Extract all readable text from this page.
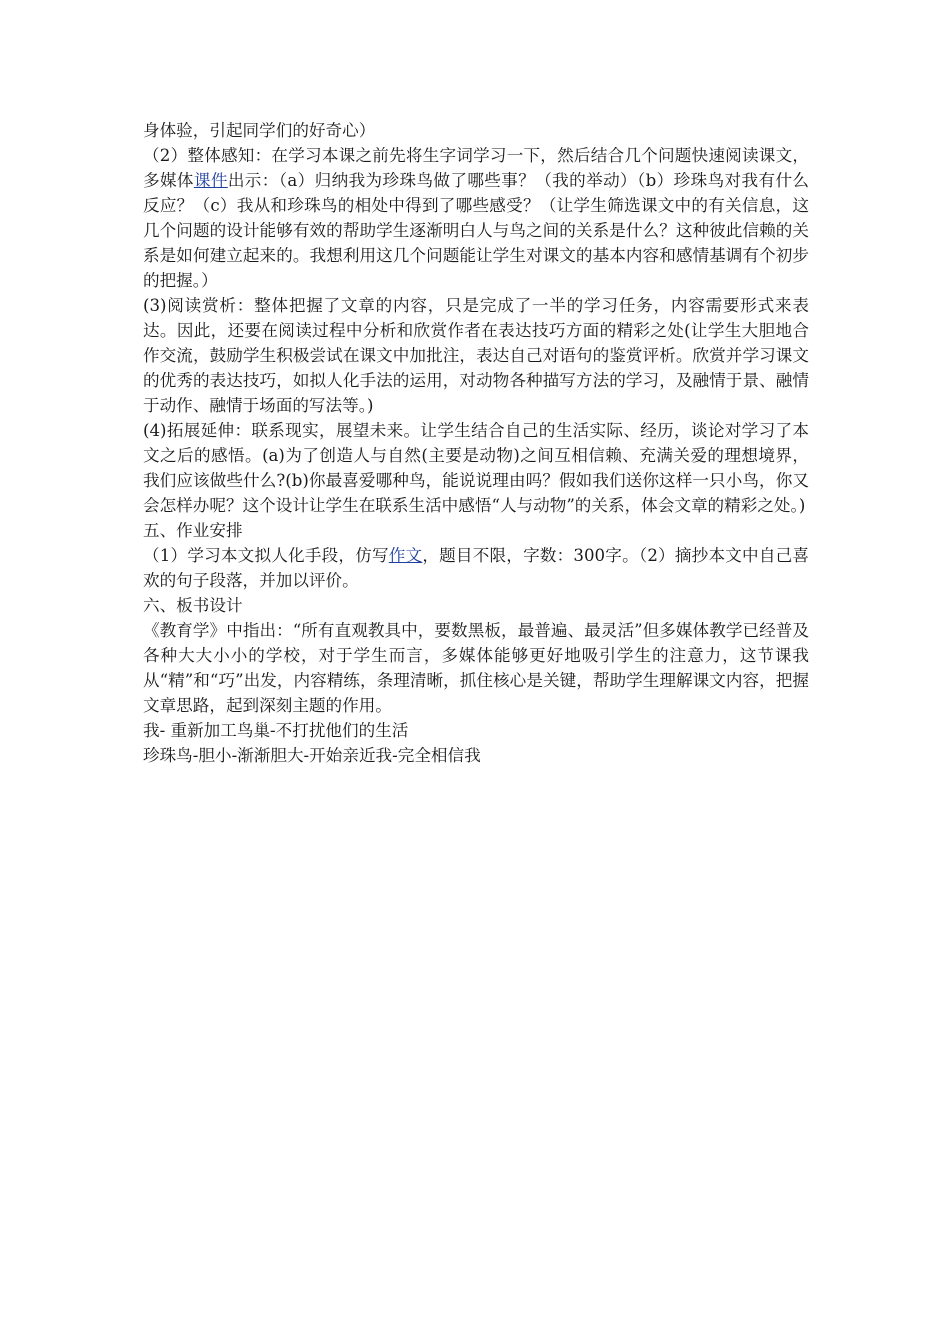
身体验，引起同学们的好奇心）

（2）整体感知：在学习本课之前先将生字词学习一下，然后结合几个问题快速阅读课文，多媒体课件出示：（a）归纳我为珍珠鸟做了哪些事？（我的举动）（b）珍珠鸟对我有什么反应？（c）我从和珍珠鸟的相处中得到了哪些感受？（让学生筛选课文中的有关信息，这几个问题的设计能够有效的帮助学生逐渐明白人与鸟之间的关系是什么？这种彼此信赖的关系是如何建立起来的。我想利用这几个问题能让学生对课文的基本内容和感情基调有个初步的把握。）

(3)阅读赏析：整体把握了文章的内容，只是完成了一半的学习任务，内容需要形式来表达。因此，还要在阅读过程中分析和欣赏作者在表达技巧方面的精彩之处(让学生大胆地合作交流，鼓励学生积极尝试在课文中加批注，表达自己对语句的鉴赏评析。欣赏并学习课文的优秀的表达技巧，如拟人化手法的运用，对动物各种描写方法的学习，及融情于景、融情于动作、融情于场面的写法等。)

(4)拓展延伸：联系现实，展望未来。让学生结合自己的生活实际、经历，谈论对学习了本文之后的感悟。(a)为了创造人与自然(主要是动物)之间互相信赖、充满关爱的理想境界，我们应该做些什么?(b)你最喜爱哪种鸟，能说说理由吗？假如我们送你这样一只小鸟，你又会怎样办呢？这个设计让学生在联系生活中感悟“人与动物”的关系，体会文章的精彩之处。)

五、作业安排

（1）学习本文拟人化手段，仿写作文，题目不限，字数：300字。（2）摘抄本文中自己喜欢的句子段落，并加以评价。

六、板书设计

《教育学》中指出：“所有直观教具中，要数黑板，最普遍、最灵活”但多媒体教学已经普及各种大大小小的学校，对于学生而言，多媒体能够更好地吸引学生的注意力，这节课我从“精”和“巧”出发，内容精练，条理清晰，抓住核心是关键，帮助学生理解课文内容，把握文章思路，起到深刻主题的作用。

我- 重新加工鸟巢-不打扰他们的生活

珍珠鸟-胆小-渐渐胆大-开始亲近我-完全相信我
